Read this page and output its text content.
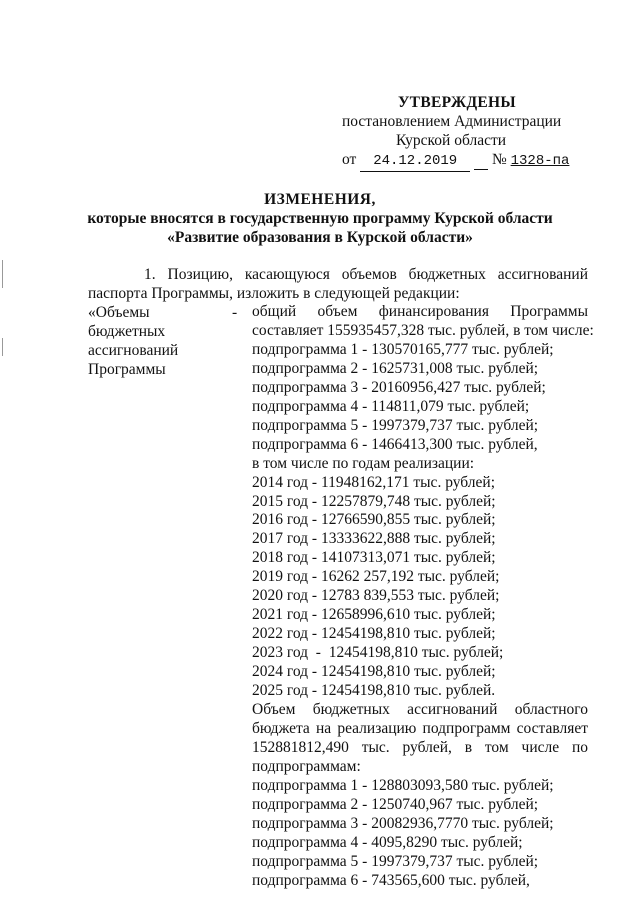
УТВЕРЖДЕНЫ
постановлением Администрации
Курской области
от 24.12.2019 № 1328-па
ИЗМЕНЕНИЯ,
которые вносятся в государственную программу Курской области
«Развитие образования в Курской области»
1. Позицию, касающуюся объемов бюджетных ассигнований
паспорта Программы, изложить в следующей редакции:
«Объемы
бюджетных
ассигнований
Программы
- общий объем финансирования Программы
составляет 155935457,328 тыс. рублей, в том числе:
подпрограмма 1 - 130570165,777 тыс. рублей;
подпрограмма 2 - 1625731,008 тыс. рублей;
подпрограмма 3 - 20160956,427 тыс. рублей;
подпрограмма 4 - 114811,079 тыс. рублей;
подпрограмма 5 - 1997379,737 тыс. рублей;
подпрограмма 6 - 1466413,300 тыс. рублей,
в том числе по годам реализации:
2014 год - 11948162,171 тыс. рублей;
2015 год - 12257879,748 тыс. рублей;
2016 год - 12766590,855 тыс. рублей;
2017 год - 13333622,888 тыс. рублей;
2018 год - 14107313,071 тыс. рублей;
2019 год - 16262 257,192 тыс. рублей;
2020 год - 12783 839,553 тыс. рублей;
2021 год - 12658996,610 тыс. рублей;
2022 год - 12454198,810 тыс. рублей;
2023 год  -  12454198,810 тыс. рублей;
2024 год - 12454198,810 тыс. рублей;
2025 год - 12454198,810 тыс. рублей.
Объем бюджетных ассигнований областного
бюджета на реализацию подпрограмм составляет
152881812,490 тыс. рублей, в том числе по
подпрограммам:
подпрограмма 1 - 128803093,580 тыс. рублей;
подпрограмма 2 - 1250740,967 тыс. рублей;
подпрограмма 3 - 20082936,7770 тыс. рублей;
подпрограмма 4 - 4095,8290 тыс. рублей;
подпрограмма 5 - 1997379,737 тыс. рублей;
подпрограмма 6 - 743565,600 тыс. рублей,
